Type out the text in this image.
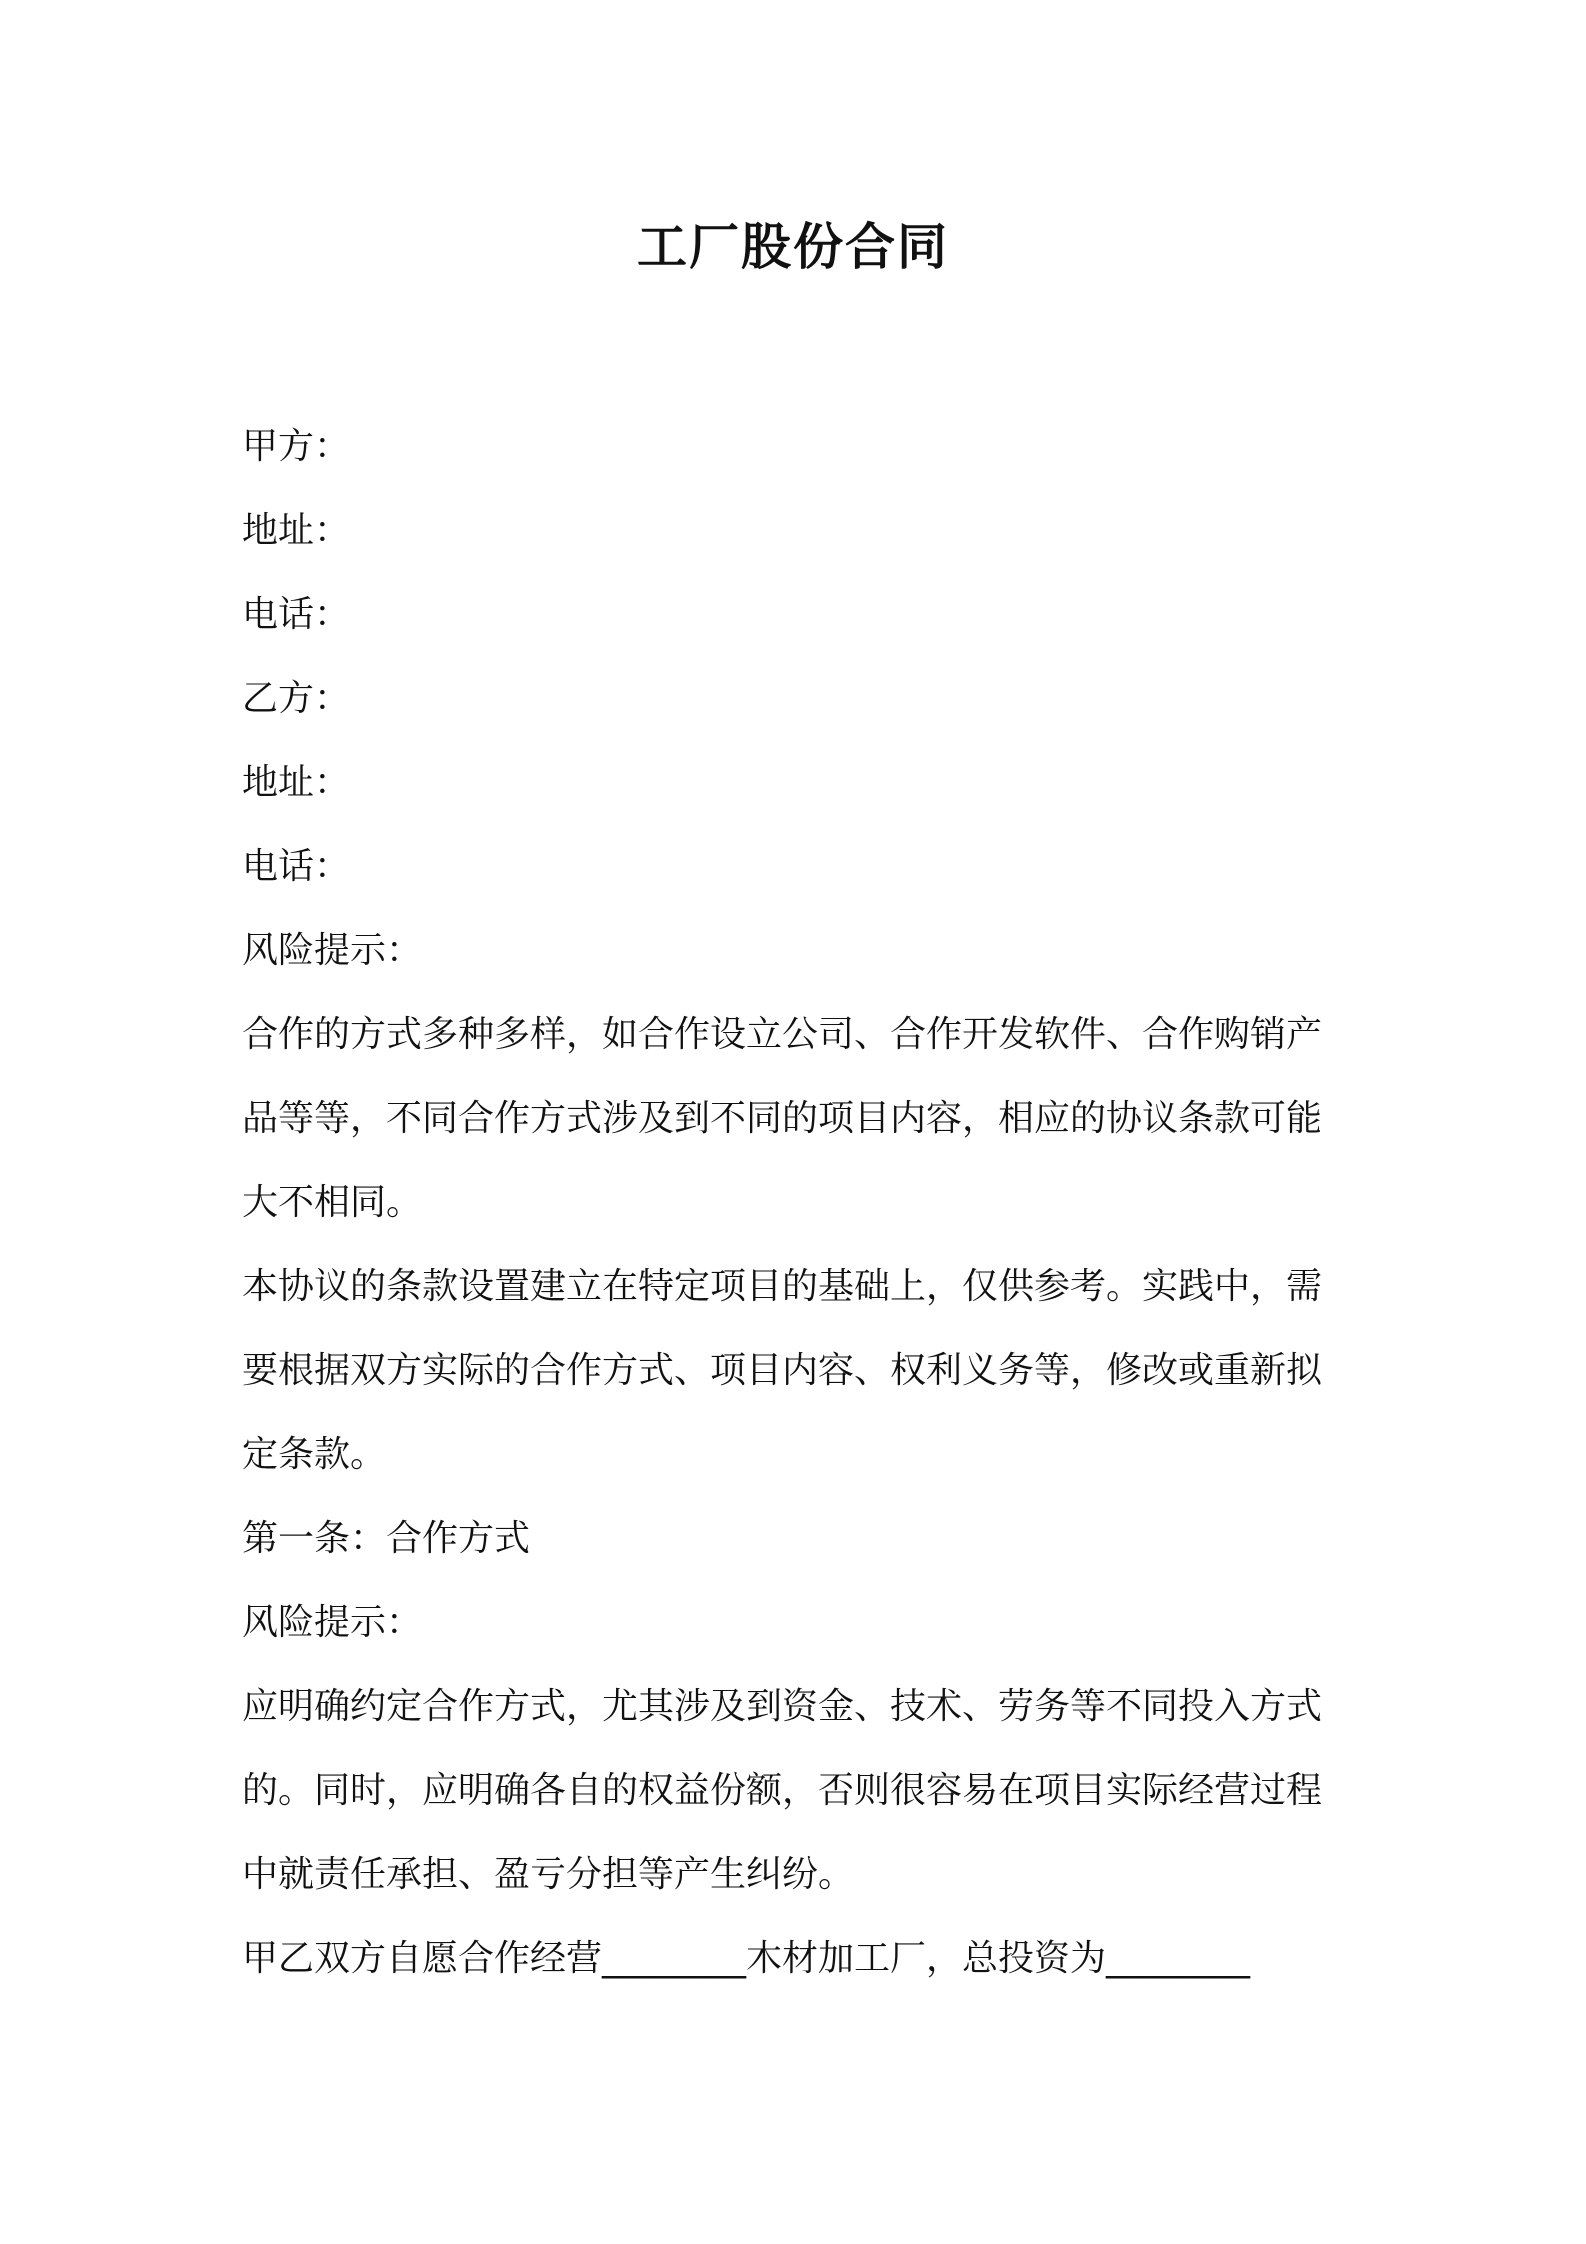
工厂股份合同
甲方：
地址：
电话：
乙方：
地址：
电话：
风险提示：
合作的方式多种多样，如合作设立公司、合作开发软件、合作购销产
品等等，不同合作方式涉及到不同的项目内容，相应的协议条款可能
大不相同。
本协议的条款设置建立在特定项目的基础上，仅供参考。实践中，需
要根据双方实际的合作方式、项目内容、权利义务等，修改或重新拟
定条款。
第一条：合作方式
风险提示：
应明确约定合作方式，尤其涉及到资金、技术、劳务等不同投入方式
的。同时，应明确各自的权益份额，否则很容易在项目实际经营过程
中就责任承担、盈亏分担等产生纠纷。
甲乙双方自愿合作经营________木材加工厂，总投资为________
